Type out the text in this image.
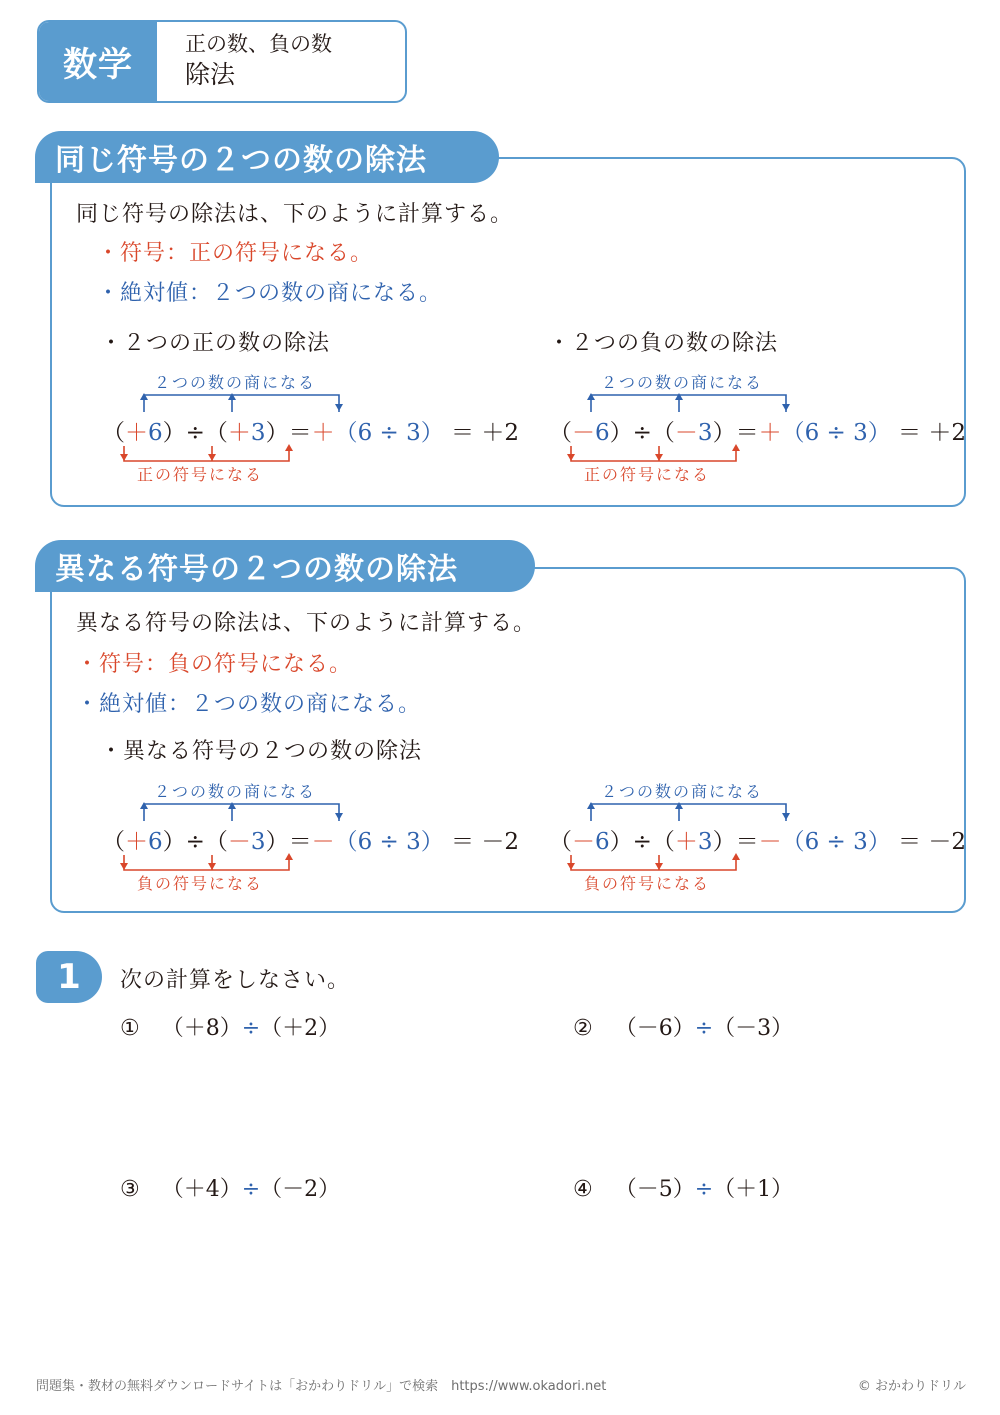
数学
正の数、負の数
除法
同じ符号の２つの数の除法
同じ符号の除法は、下のように計算する。
・符号：正の符号になる。
・絶対値：２つの数の商になる。
・２つの正の数の除法	・２つの負の数の除法
２つの数の商になる
（＋6）÷（＋3）＝＋（6 ÷ 3） ＝ ＋2
正の符号になる
２つの数の商になる
（－6）÷（－3）＝＋（6 ÷ 3） ＝ ＋2
正の符号になる
異なる符号の２つの数の除法
異なる符号の除法は、下のように計算する。
・符号：負の符号になる。
・絶対値：２つの数の商になる。
・異なる符号の２つの数の除法
２つの数の商になる
（＋6）÷（－3）＝－（6 ÷ 3） ＝ －2
負の符号になる
２つの数の商になる
（－6）÷（＋3）＝－（6 ÷ 3） ＝ －2
負の符号になる
1	次の計算をしなさい。
① （＋8）÷（＋2）	② （－6）÷（－3）
③ （＋4）÷（－2）	④ （－5）÷（＋1）
問題集・教材の無料ダウンロードサイトは「おかわりドリル」で検索　https://www.okadori.net	© おかわりドリル
